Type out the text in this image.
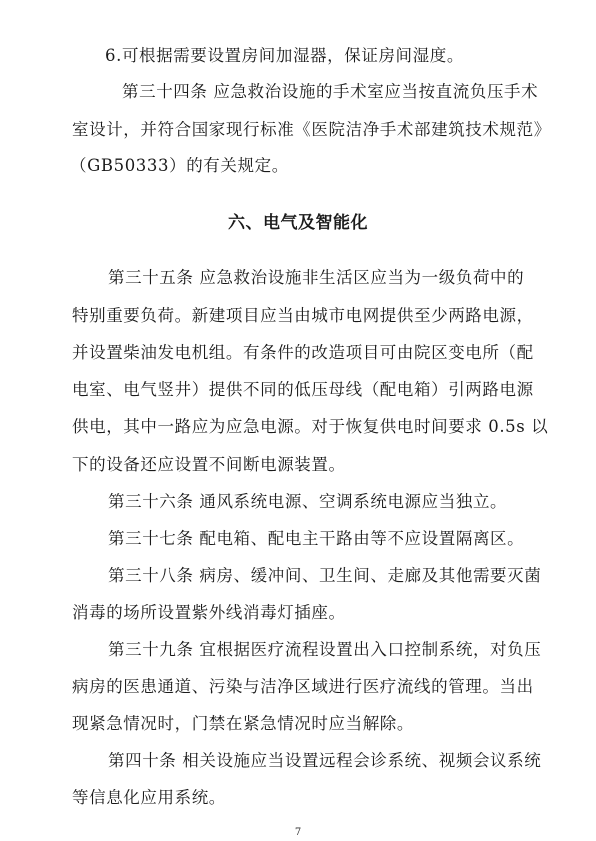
6.可根据需要设置房间加湿器，保证房间湿度。
第三十四条 应急救治设施的手术室应当按直流负压手术
室设计，并符合国家现行标准《医院洁净手术部建筑技术规范》
（GB50333）的有关规定。
六、电气及智能化
第三十五条 应急救治设施非生活区应当为一级负荷中的
特别重要负荷。新建项目应当由城市电网提供至少两路电源，
并设置柴油发电机组。有条件的改造项目可由院区变电所（配
电室、电气竖井）提供不同的低压母线（配电箱）引两路电源
供电，其中一路应为应急电源。对于恢复供电时间要求 0.5s 以
下的设备还应设置不间断电源装置。
第三十六条 通风系统电源、空调系统电源应当独立。
第三十七条 配电箱、配电主干路由等不应设置隔离区。
第三十八条 病房、缓冲间、卫生间、走廊及其他需要灭菌
消毒的场所设置紫外线消毒灯插座。
第三十九条 宜根据医疗流程设置出入口控制系统，对负压
病房的医患通道、污染与洁净区域进行医疗流线的管理。当出
现紧急情况时，门禁在紧急情况时应当解除。
第四十条 相关设施应当设置远程会诊系统、视频会议系统
等信息化应用系统。
7
